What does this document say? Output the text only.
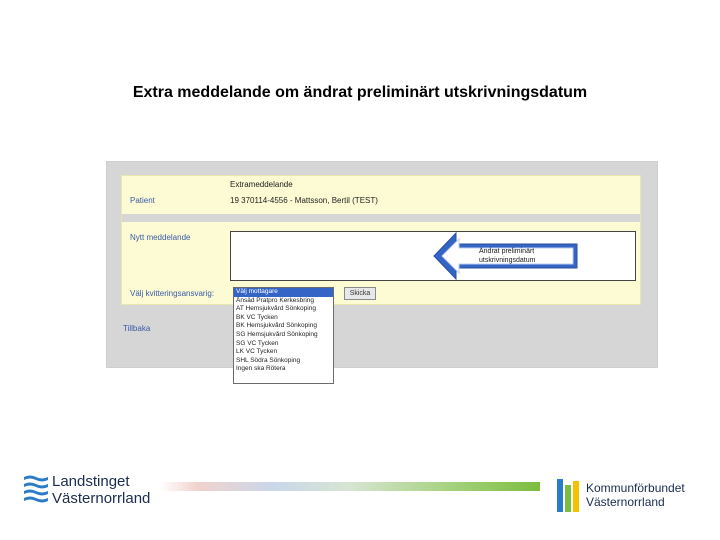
Extra meddelande om ändrat preliminärt utskrivningsdatum
Extrameddelande
Patient	19 370114-4556 - Mattsson, Bertil (TEST)
Nytt meddelande
Välj kvitteringsansvarig:	Skicka
Tillbaka
Välj mottagare
Ånsäd Pratpro Kerkesbring
AT Hemsjukvård Sönkoping
BK VC Tycken
BK Hemsjukvård Sönkoping
SG Hemsjukvård Sönkoping
SG VC Tycken
LK VC Tycken
SHL Södra Sönkoping
Ingen ska Rötera
Ändrat preliminärt utskrivningsdatum
Landstinget
Västernorrland
Kommunförbundet
Västernorrland
